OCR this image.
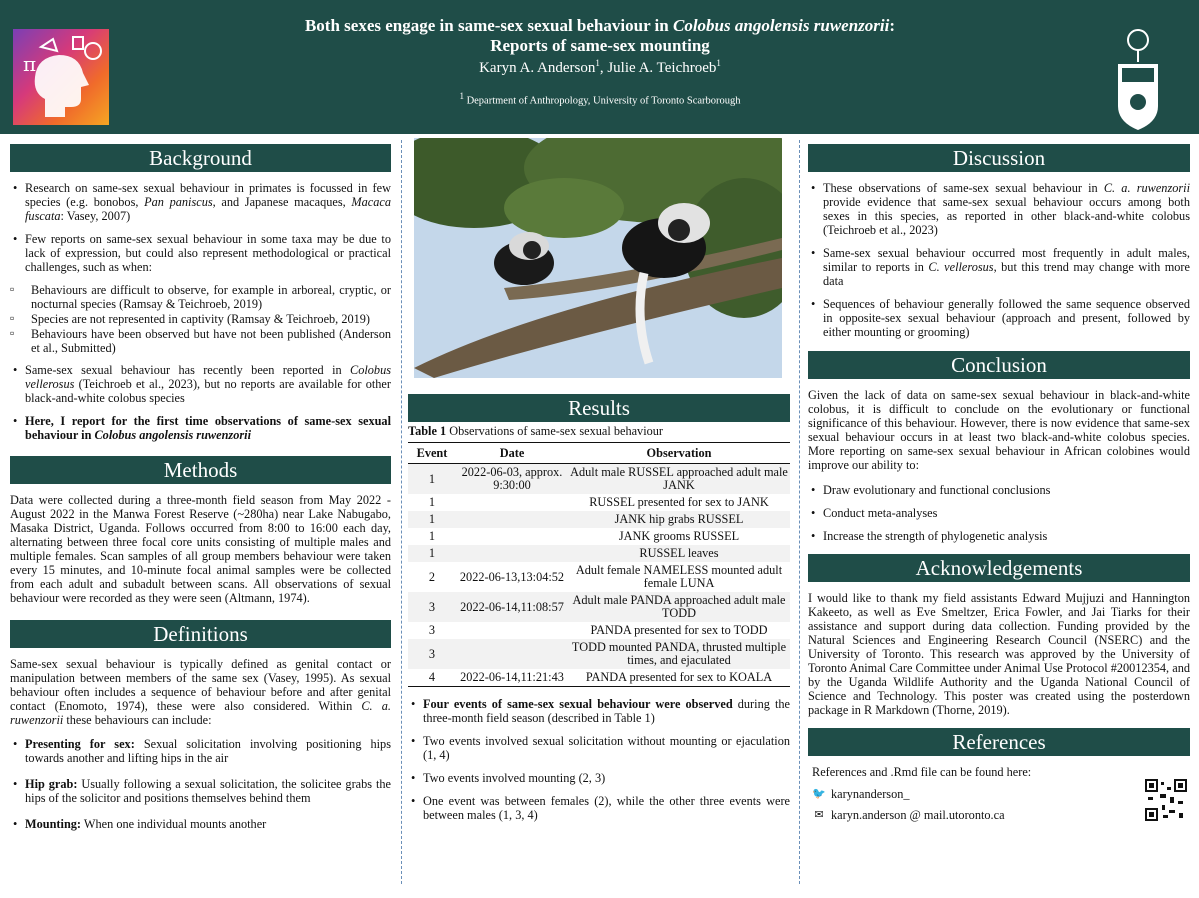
π
Both sexes engage in same-sex sexual behaviour in Colobus angolensis ruwenzorii:
Reports of same-sex mounting
Karyn A. Anderson$^1$, Julie A. Teichroeb$^1$
$^1$ Department of Anthropology, University of Toronto Scarborough
Background
• Research on same-sex sexual behaviour in primates is focussed in few species (e.g. bonobos, Pan paniscus, and Japanese macaques, Macaca fuscata: Vasey, 2007)
• Few reports on same-sex sexual behaviour in some taxa may be due to lack of expression, but could also represent methodological or practical challenges, such as when:
▫ Behaviours are difficult to observe, for example in arboreal, cryptic, or nocturnal species (Ramsay & Teichroeb, 2019)
▫ Species are not represented in captivity (Ramsay & Teichroeb, 2019)
▫ Behaviours have been observed but have not been published (Anderson et al., Submitted)
• Same-sex sexual behaviour has recently been reported in Colobus vellerosus (Teichroeb et al., 2023), but no reports are available for other black-and-white colobus species
• Here, I report for the first time observations of same-sex sexual behaviour in Colobus angolensis ruwenzorii
Methods

Data were collected during a three-month field season from May 2022 - August 2022 in the Manwa Forest Reserve (~280ha) near Lake Nabugabo, Masaka District, Uganda. Follows occurred from 8:00 to 16:00 each day, alternating between three focal core units consisting of multiple males and multiple females. Scan samples of all group members behaviour were taken every 15 minutes, and 10-minute focal animal samples were be collected from each adult and subadult between scans. All observations of sexual behaviour were recorded as they were seen (Altmann, 1974).

Definitions

Same-sex sexual behaviour is typically defined as genital contact or manipulation between members of the same sex (Vasey, 1995). As sexual behaviour often includes a sequence of behaviour before and after genital contact (Enomoto, 1974), these were also considered. Within C. a. ruwenzorii these behaviours can include:

• Presenting for sex: Sexual solicitation involving positioning hips towards another and lifting hips in the air
• Hip grab: Usually following a sexual solicitation, the solicitee grabs the hips of the solicitor and positions themselves behind them
• Mounting: When one individual mounts another
Results
Table 1 Observations of same-sex sexual behaviour
Event	Date	Observation
1	2022-06-03, approx. 9:30:00	Adult male RUSSEL approached adult male JANK
1		RUSSEL presented for sex to JANK
1		JANK hip grabs RUSSEL
1		JANK grooms RUSSEL
1		RUSSEL leaves
2	2022-06-13,13:04:52	Adult female NAMELESS mounted adult female LUNA
3	2022-06-14,11:08:57	Adult male PANDA approached adult male TODD
3		PANDA presented for sex to TODD
3		TODD mounted PANDA, thrusted multiple times, and ejaculated
4	2022-06-14,11:21:43	PANDA presented for sex to KOALA
• Four events of same-sex sexual behaviour were observed during the three-month field season (described in Table 1)
• Two events involved sexual solicitation without mounting or ejaculation (1, 4)
• Two events involved mounting (2, 3)
• One event was between females (2), while the other three events were between males (1, 3, 4)
Discussion
• These observations of same-sex sexual behaviour in C. a. ruwenzorii provide evidence that same-sex sexual behaviour occurs among both sexes in this species, as reported in other black-and-white colobus (Teichroeb et al., 2023)
• Same-sex sexual behaviour occurred most frequently in adult males, similar to reports in C. vellerosus, but this trend may change with more data
• Sequences of behaviour generally followed the same sequence observed in opposite-sex sexual behaviour (approach and present, followed by either mounting or grooming)
Conclusion

Given the lack of data on same-sex sexual behaviour in black-and-white colobus, it is difficult to conclude on the evolutionary or functional significance of this behaviour. However, there is now evidence that same-sex sexual behaviour occurs in at least two black-and-white colobus species. More reporting on same-sex sexual behaviour in African colobines would improve our ability to:

• Draw evolutionary and functional conclusions
• Conduct meta-analyses
• Increase the strength of phylogenetic analysis
Acknowledgements

I would like to thank my field assistants Edward Mujjuzi and Hannington Kakeeto, as well as Eve Smeltzer, Erica Fowler, and Jai Tiarks for their assistance and support during data collection. Funding provided by the Natural Sciences and Engineering Research Council (NSERC) and the University of Toronto. This research was approved by the University of Toronto Animal Care Committee under Animal Use Protocol #20012354, and by the Uganda Wildlife Authority and the Uganda National Council of Science and Technology. This poster was created using the posterdown package in R Markdown (Thorne, 2019).

References

References and .Rmd file can be found here:

🐦 karynanderson_
✉ karyn.anderson @ mail.utoronto.ca
